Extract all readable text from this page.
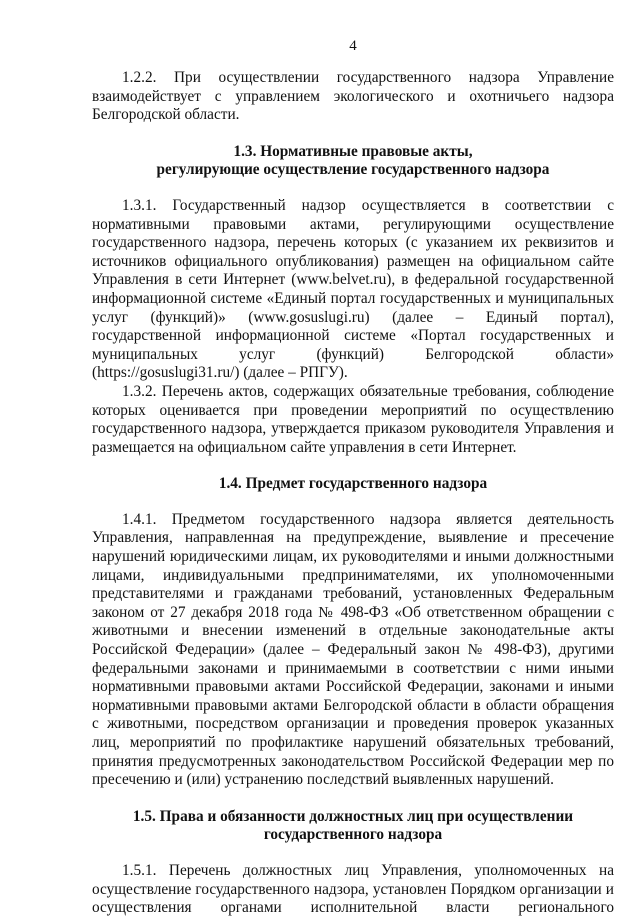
4

1.2.2. При осуществлении государственного надзора Управление взаимодействует с управлением экологического и охотничьего надзора Белгородской области.

1.3. Нормативные правовые акты,
регулирующие осуществление государственного надзора

1.3.1. Государственный надзор осуществляется в соответствии с нормативными правовыми актами, регулирующими осуществление государственного надзора, перечень которых (с указанием их реквизитов и источников официального опубликования) размещен на официальном сайте Управления в сети Интернет (www.belvet.ru), в федеральной государственной информационной системе «Единый портал государственных и муниципальных услуг (функций)» (www.gosuslugi.ru) (далее – Единый портал), государственной информационной системе «Портал государственных и муниципальных услуг (функций) Белгородской области» (https://gosuslugi31.ru/) (далее – РПГУ).

1.3.2. Перечень актов, содержащих обязательные требования, соблюдение которых оценивается при проведении мероприятий по осуществлению государственного надзора, утверждается приказом руководителя Управления и размещается на официальном сайте управления в сети Интернет.

1.4. Предмет государственного надзора

1.4.1. Предметом государственного надзора является деятельность Управления, направленная на предупреждение, выявление и пресечение нарушений юридическими лицам, их руководителями и иными должностными лицами, индивидуальными предпринимателями, их уполномоченными представителями и гражданами требований, установленных Федеральным законом от 27 декабря 2018 года № 498-ФЗ «Об ответственном обращении с животными и внесении изменений в отдельные законодательные акты Российской Федерации» (далее – Федеральный закон № 498-ФЗ), другими федеральными законами и принимаемыми в соответствии с ними иными нормативными правовыми актами Российской Федерации, законами и иными нормативными правовыми актами Белгородской области в области обращения с животными, посредством организации и проведения проверок указанных лиц, мероприятий по профилактике нарушений обязательных требований, принятия предусмотренных законодательством Российской Федерации мер по пресечению и (или) устранению последствий выявленных нарушений.

1.5. Права и обязанности должностных лиц при осуществлении
государственного надзора

1.5.1. Перечень должностных лиц Управления, уполномоченных на осуществление государственного надзора, установлен Порядком организации и осуществления органами исполнительной власти регионального
